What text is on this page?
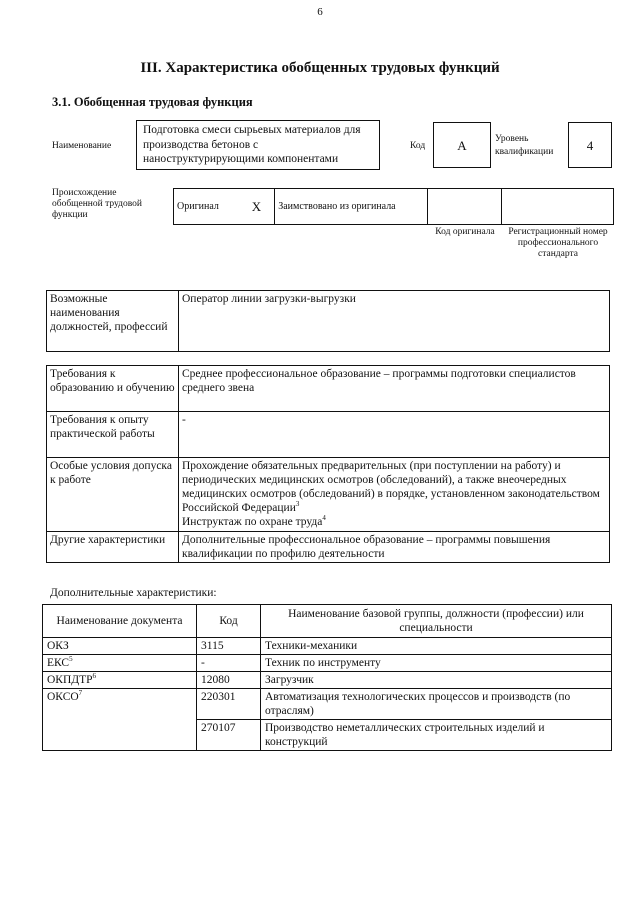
6
III. Характеристика обобщенных трудовых функций
3.1. Обобщенная трудовая функция
Наименование
Подготовка смеси сырьевых материалов для производства бетонов с наноструктурирующими компонентами
Код	А	Уровень квалификации	4
Происхождение обобщенной трудовой функции
Оригинал	X	Заимствовано из оригинала		
Код оригинала	Регистрационный номер профессионального стандарта
Возможные наименования должностей, профессий	Оператор линии загрузки-выгрузки
Требования к образованию и обучению	Среднее профессиональное образование – программы подготовки специалистов среднего звена
Требования к опыту практической работы	-
Особые условия допуска к работе	Прохождение обязательных предварительных (при поступлении на работу) и периодических медицинских осмотров (обследований), а также внеочередных медицинских осмотров (обследований) в порядке, установленном законодательством Российской Федерации$^3$
Инструктаж по охране труда$^4$
Другие характеристики	Дополнительные профессиональное образование – программы повышения квалификации по профилю деятельности
Дополнительные характеристики:
Наименование документа	Код	Наименование базовой группы, должности (профессии) или специальности
ОКЗ	3115	Техники-механики
ЕКС$^5$	-	Техник по инструменту
ОКПДТР$^6$	12080	Загрузчик
ОКСО$^7$	220301	Автоматизация технологических процессов и производств (по отраслям)
	270107	Производство неметаллических строительных изделий и конструкций
